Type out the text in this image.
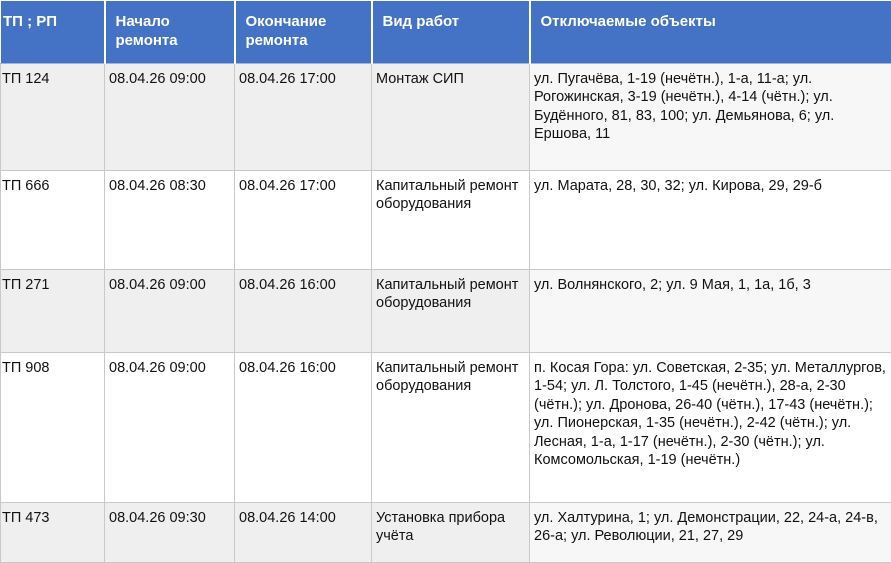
ТП ; РП	Начало ремонта	Окончание ремонта	Вид работ	Отключаемые объекты
ТП 124	08.04.26 09:00	08.04.26 17:00	Монтаж СИП	ул. Пугачёва, 1-19 (нечётн.), 1-а, 11-а; ул. Рогожинская, 3-19 (нечётн.), 4-14 (чётн.); ул. Будённого, 81, 83, 100; ул. Демьянова, 6; ул. Ершова, 11
ТП 666	08.04.26 08:30	08.04.26 17:00	Капитальный ремонт оборудования	ул. Марата, 28, 30, 32; ул. Кирова, 29, 29-б
ТП 271	08.04.26 09:00	08.04.26 16:00	Капитальный ремонт оборудования	ул. Волнянского, 2; ул. 9 Мая, 1, 1а, 1б, 3
ТП 908	08.04.26 09:00	08.04.26 16:00	Капитальный ремонт оборудования	п. Косая Гора: ул. Советская, 2-35; ул. Металлургов, 1-54; ул. Л. Толстого, 1-45 (нечётн.), 28-а, 2-30 (чётн.); ул. Дронова, 26-40 (чётн.), 17-43 (нечётн.); ул. Пионерская, 1-35 (нечётн.), 2-42 (чётн.); ул. Лесная, 1-а, 1-17 (нечётн.), 2-30 (чётн.); ул. Комсомольская, 1-19 (нечётн.)
ТП 473	08.04.26 09:30	08.04.26 14:00	Установка прибора учёта	ул. Халтурина, 1; ул. Демонстрации, 22, 24-а, 24-в, 26-а; ул. Революции, 21, 27, 29
